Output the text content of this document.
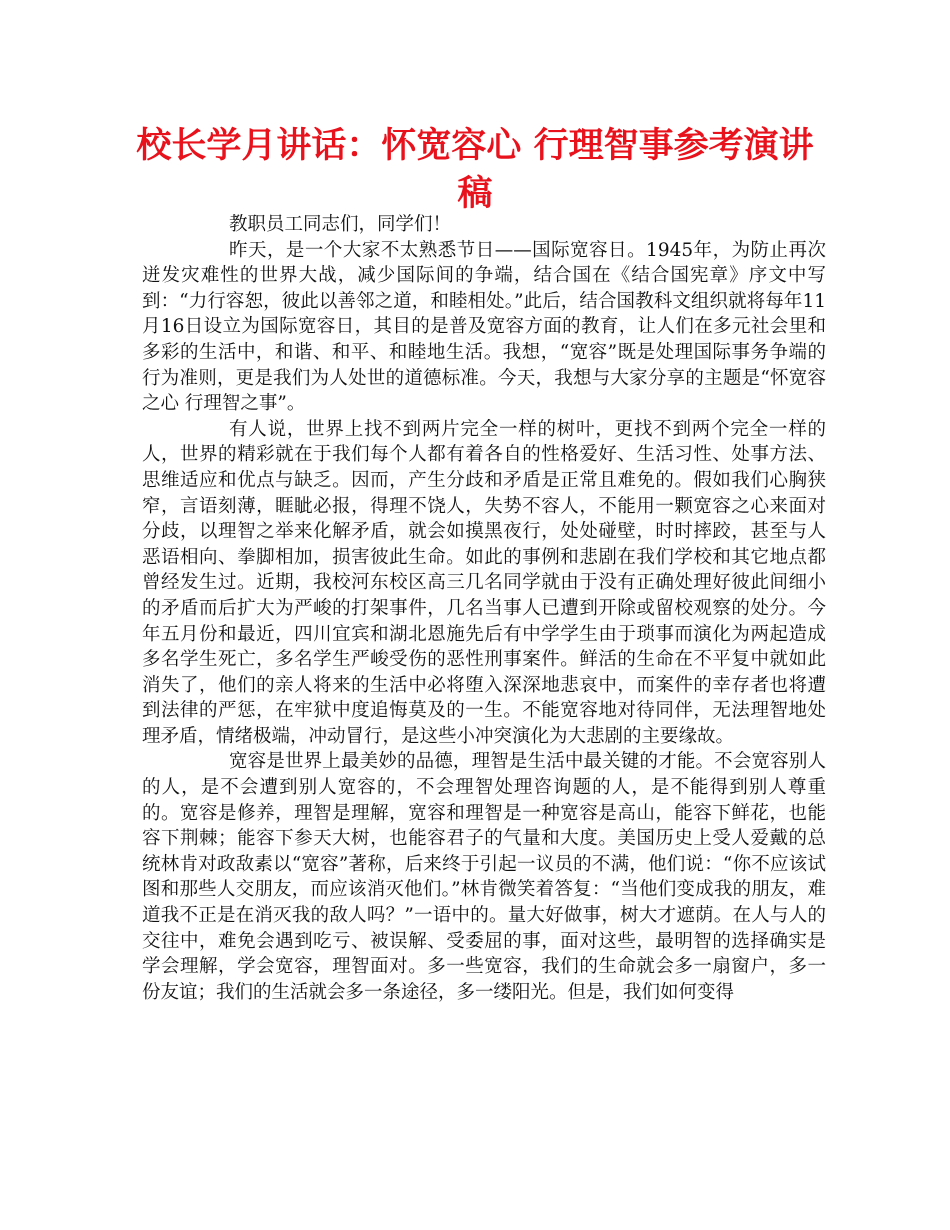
校长学月讲话：怀宽容心 行理智事参考演讲稿

教职员工同志们，同学们！

昨天，是一个大家不太熟悉节日——国际宽容日。1945年，为防止再次迸发灾难性的世界大战，减少国际间的争端，结合国在《结合国宪章》序文中写到：“力行容恕，彼此以善邻之道，和睦相处。”此后，结合国教科文组织就将每年11月16日设立为国际宽容日，其目的是普及宽容方面的教育，让人们在多元社会里和多彩的生活中，和谐、和平、和睦地生活。我想，“宽容”既是处理国际事务争端的行为准则，更是我们为人处世的道德标准。今天，我想与大家分享的主题是“怀宽容之心 行理智之事”。

有人说，世界上找不到两片完全一样的树叶，更找不到两个完全一样的人，世界的精彩就在于我们每个人都有着各自的性格爱好、生活习性、处事方法、思维适应和优点与缺乏。因而，产生分歧和矛盾是正常且难免的。假如我们心胸狭窄，言语刻薄，睚眦必报，得理不饶人，失势不容人，不能用一颗宽容之心来面对分歧，以理智之举来化解矛盾，就会如摸黑夜行，处处碰壁，时时摔跤，甚至与人恶语相向、拳脚相加，损害彼此生命。如此的事例和悲剧在我们学校和其它地点都曾经发生过。近期，我校河东校区高三几名同学就由于没有正确处理好彼此间细小的矛盾而后扩大为严峻的打架事件，几名当事人已遭到开除或留校观察的处分。今年五月份和最近，四川宜宾和湖北恩施先后有中学学生由于琐事而演化为两起造成多名学生死亡，多名学生严峻受伤的恶性刑事案件。鲜活的生命在不平复中就如此消失了，他们的亲人将来的生活中必将堕入深深地悲哀中，而案件的幸存者也将遭到法律的严惩，在牢狱中度追悔莫及的一生。不能宽容地对待同伴，无法理智地处理矛盾，情绪极端，冲动冒行，是这些小冲突演化为大悲剧的主要缘故。

宽容是世界上最美妙的品德，理智是生活中最关键的才能。不会宽容别人的人，是不会遭到别人宽容的，不会理智处理咨询题的人，是不能得到别人尊重的。宽容是修养，理智是理解，宽容和理智是一种宽容是高山，能容下鲜花，也能容下荆棘；能容下参天大树，也能容君子的气量和大度。美国历史上受人爱戴的总统林肯对政敌素以“宽容”著称，后来终于引起一议员的不满，他们说：“你不应该试图和那些人交朋友，而应该消灭他们。”林肯微笑着答复：“当他们变成我的朋友，难道我不正是在消灭我的敌人吗？”一语中的。量大好做事，树大才遮荫。在人与人的交往中，难免会遇到吃亏、被误解、受委屈的事，面对这些，最明智的选择确实是学会理解，学会宽容，理智面对。多一些宽容，我们的生命就会多一扇窗户，多一份友谊；我们的生活就会多一条途径，多一缕阳光。但是，我们如何变得
